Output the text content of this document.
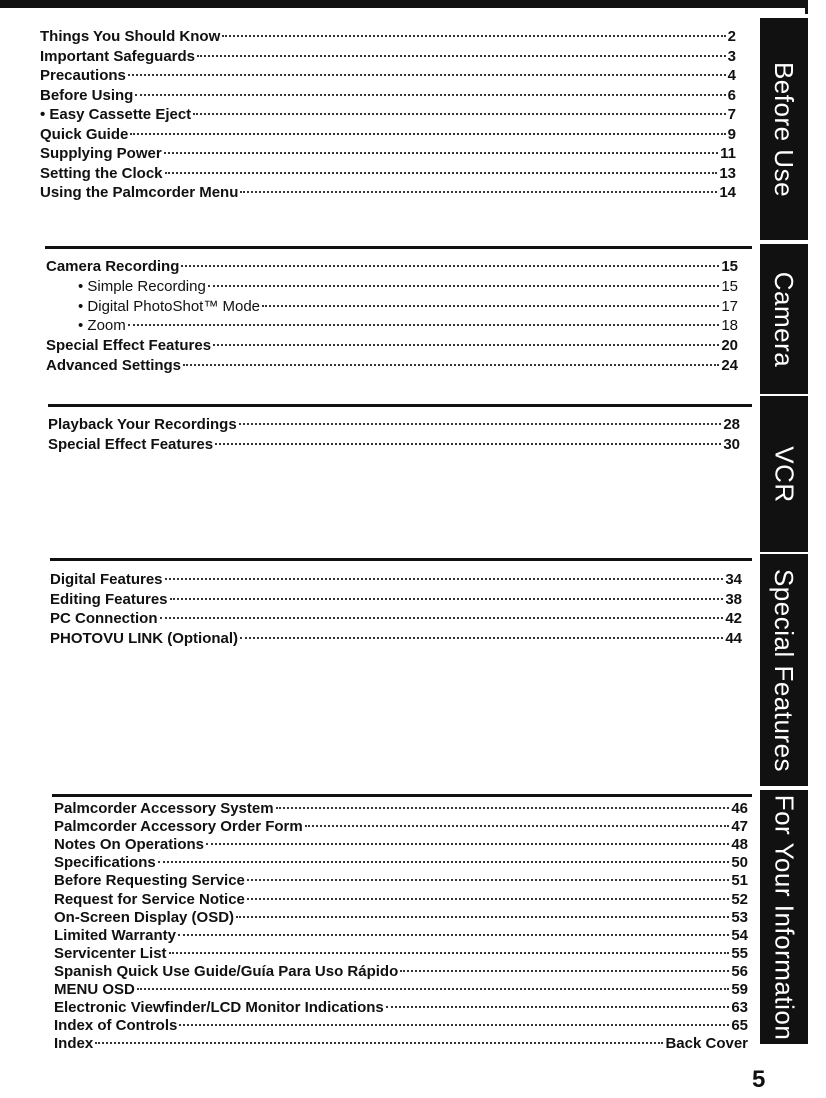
Things You Should Know	2
Important Safeguards	3
Precautions	4
Before Using	6
• Easy Cassette Eject	7
Quick Guide	9
Supplying Power	11
Setting the Clock	13
Using the Palmcorder Menu	14 Before Use
Camera Recording	15
• Simple Recording	15
• Digital PhotoShot™ Mode	17
• Zoom	18
Special Effect Features	20
Advanced Settings	24 Camera
Playback Your Recordings	28
Special Effect Features	30
VCR
Digital Features	34
Editing Features	38
PC Connection	42
PHOTOVU LINK (Optional)	44 Special Features
Palmcorder Accessory System	46
Palmcorder Accessory Order Form	47
Notes On Operations	48
Specifications	50
Before Requesting Service	51
Request for Service Notice	52
On-Screen Display (OSD)	53
Limited Warranty	54
Servicenter List	55
Spanish Quick Use Guide/Guía Para Uso Rápido	56
MENU OSD	59
Electronic Viewfinder/LCD Monitor Indications	63
Index of Controls	65
Index	Back Cover
For Your Information
5
